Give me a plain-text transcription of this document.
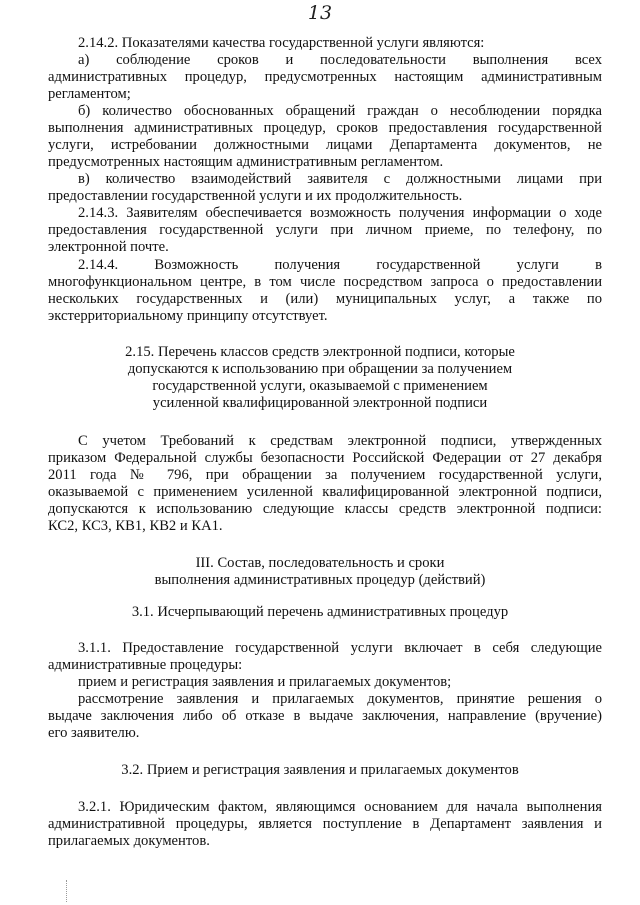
13
2.14.2. Показателями качества государственной услуги являются:
а) соблюдение сроков и последовательности выполнения всех
административных процедур, предусмотренных настоящим административным
регламентом;
б) количество обоснованных обращений граждан о несоблюдении порядка
выполнения административных процедур, сроков предоставления государственной
услуги, истребовании должностными лицами Департамента документов, не
предусмотренных настоящим административным регламентом.
в) количество взаимодействий заявителя с должностными лицами при
предоставлении государственной услуги и их продолжительность.
2.14.3. Заявителям обеспечивается возможность получения информации о ходе
предоставления государственной услуги при личном приеме, по телефону, по
электронной почте.
2.14.4. Возможность получения государственной услуги в
многофункциональном центре, в том числе посредством запроса о предоставлении
нескольких государственных и (или) муниципальных услуг, а также по
экстерриториальному принципу отсутствует.
2.15. Перечень классов средств электронной подписи, которые
допускаются к использованию при обращении за получением
государственной услуги, оказываемой с применением
усиленной квалифицированной электронной подписи
С учетом Требований к средствам электронной подписи, утвержденных
приказом Федеральной службы безопасности Российской Федерации от 27 декабря
2011 года № 796, при обращении за получением государственной услуги,
оказываемой с применением усиленной квалифицированной электронной подписи,
допускаются к использованию следующие классы средств электронной подписи:
КС2, КС3, КВ1, КВ2 и КА1.
III. Состав, последовательность и сроки
выполнения административных процедур (действий)
3.1. Исчерпывающий перечень административных процедур
3.1.1. Предоставление государственной услуги включает в себя следующие
административные процедуры:
прием и регистрация заявления и прилагаемых документов;
рассмотрение заявления и прилагаемых документов, принятие решения о
выдаче заключения либо об отказе в выдаче заключения, направление (вручение)
его заявителю.
3.2. Прием и регистрация заявления и прилагаемых документов
3.2.1. Юридическим фактом, являющимся основанием для начала выполнения
административной процедуры, является поступление в Департамент заявления и
прилагаемых документов.
